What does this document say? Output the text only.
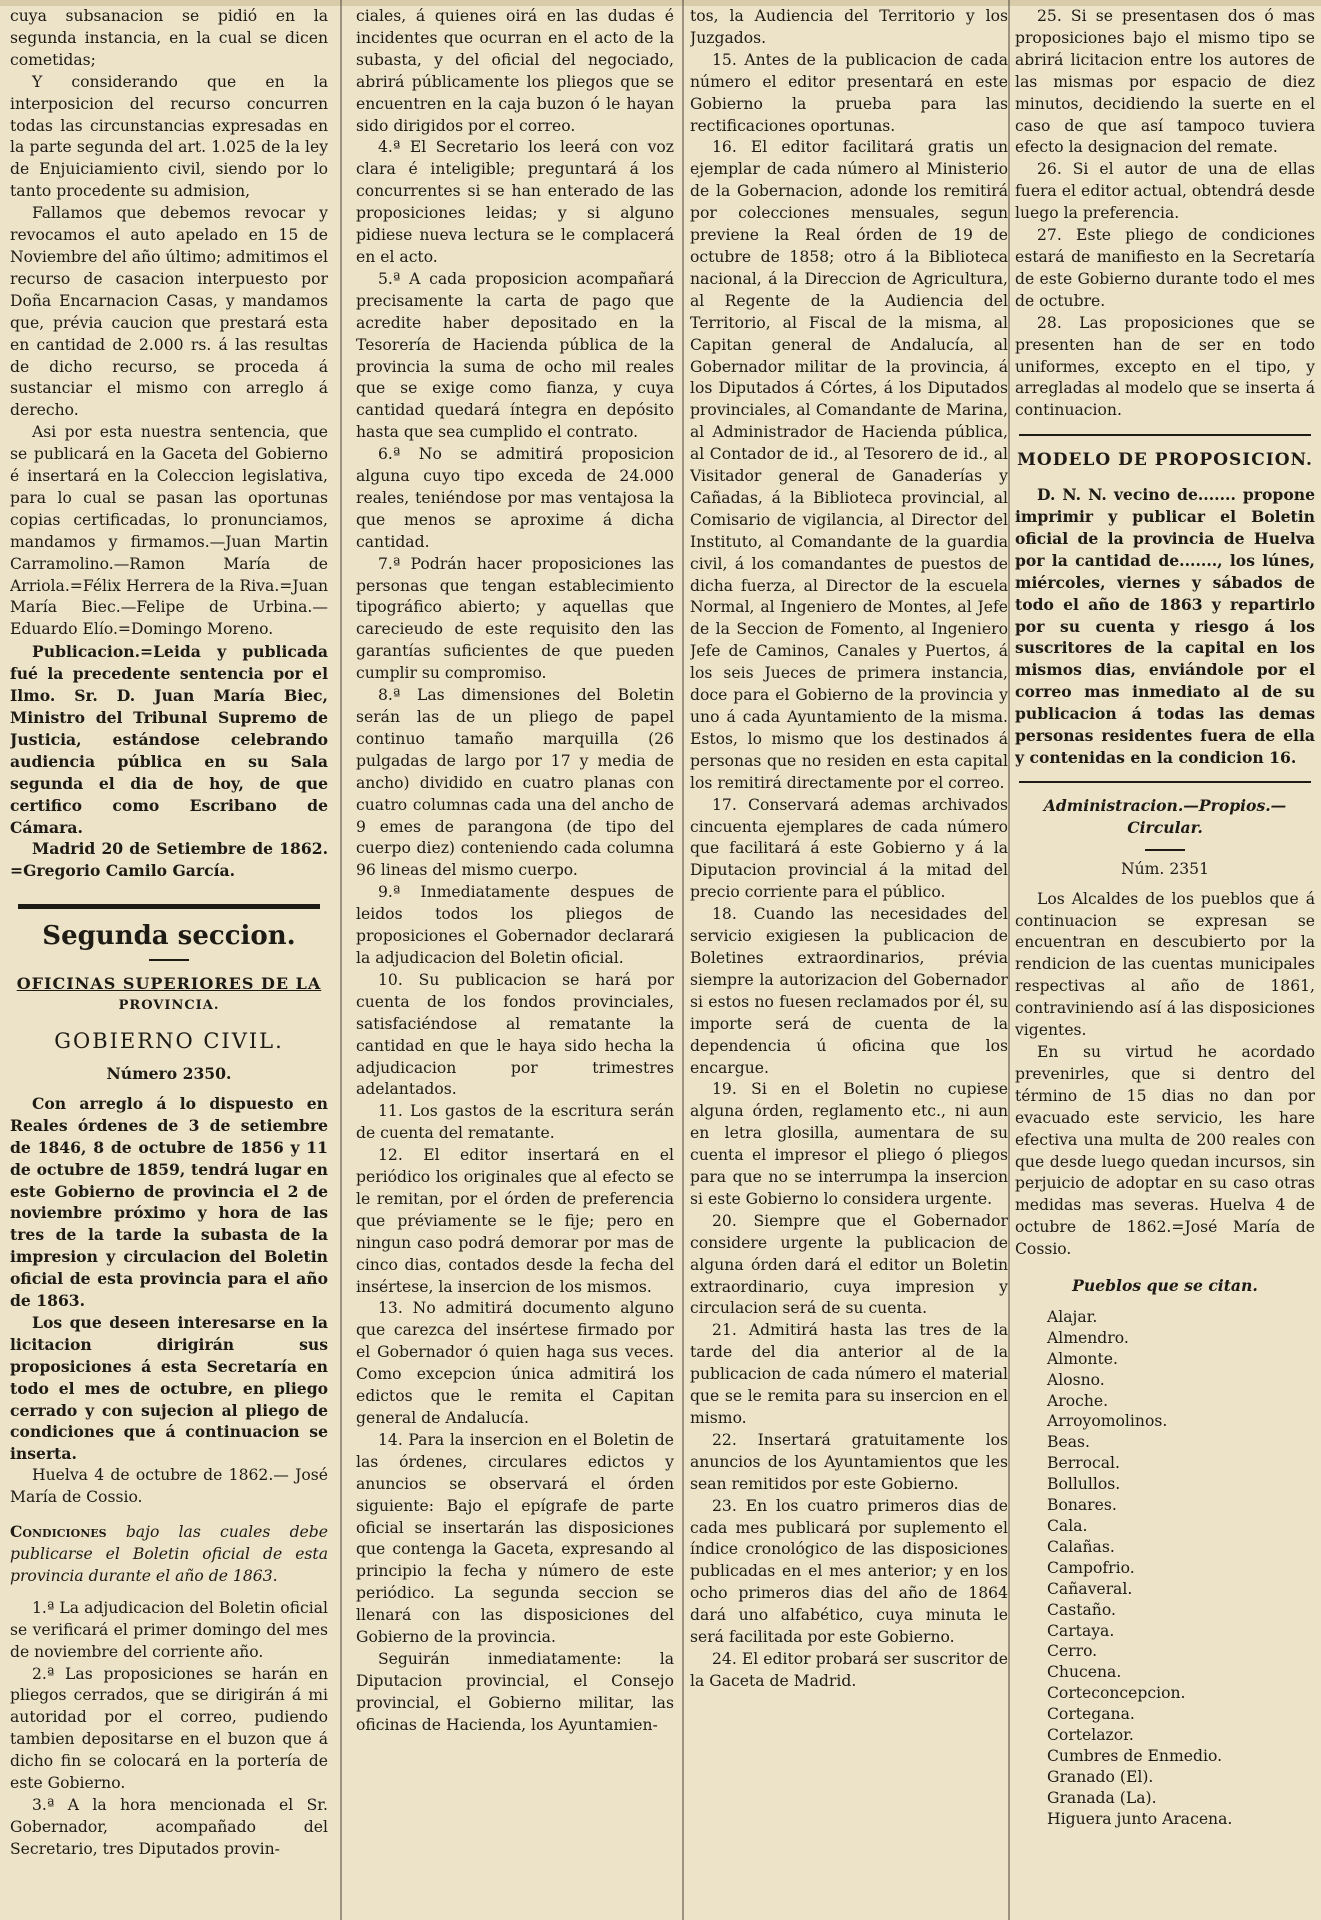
cuya subsanacion se pidió en la segunda instancia, en la cual se dicen cometidas;

Y considerando que en la interposicion del recurso concurren todas las circunstancias expresadas en la parte segunda del art. 1.025 de la ley de Enjuiciamiento civil, siendo por lo tanto procedente su admision,

Fallamos que debemos revocar y revocamos el auto apelado en 15 de Noviembre del año último; admitimos el recurso de casacion interpuesto por Doña Encarnacion Casas, y mandamos que, prévia caucion que prestará esta en cantidad de 2.000 rs. á las resultas de dicho recurso, se proceda á sustanciar el mismo con arreglo á derecho.

Asi por esta nuestra sentencia, que se publicará en la Gaceta del Gobierno é insertará en la Coleccion legislativa, para lo cual se pasan las oportunas copias certificadas, lo pronunciamos, mandamos y firmamos.—Juan Martin Carramolino.—Ramon María de Arriola.=Félix Herrera de la Riva.=Juan María Biec.—Felipe de Urbina.—Eduardo Elío.=Domingo Moreno.

Publicacion.=Leida y publicada fué la precedente sentencia por el Ilmo. Sr. D. Juan María Biec, Ministro del Tribunal Supremo de Justicia, estándose celebrando audiencia pública en su Sala segunda el dia de hoy, de que certifico como Escribano de Cámara.

Madrid 20 de Setiembre de 1862. =Gregorio Camilo García.

Segunda seccion.
OFICINAS SUPERIORES DE LA
PROVINCIA.
GOBIERNO CIVIL.
Número 2350.

Con arreglo á lo dispuesto en Reales órdenes de 3 de setiembre de 1846, 8 de octubre de 1856 y 11 de octubre de 1859, tendrá lugar en este Gobierno de provincia el 2 de noviembre próximo y hora de las tres de la tarde la subasta de la impresion y circulacion del Boletin oficial de esta provincia para el año de 1863.

Los que deseen interesarse en la licitacion dirigirán sus proposiciones á esta Secretaría en todo el mes de octubre, en pliego cerrado y con sujecion al pliego de condiciones que á continuacion se inserta.

Huelva 4 de octubre de 1862.— José María de Cossio.

Condiciones bajo las cuales debe publicarse el Boletin oficial de esta provincia durante el año de 1863.

1.ª La adjudicacion del Boletin oficial se verificará el primer domingo del mes de noviembre del corriente año.

2.ª Las proposiciones se harán en pliegos cerrados, que se dirigirán á mi autoridad por el correo, pudiendo tambien depositarse en el buzon que á dicho fin se colocará en la portería de este Gobierno.

3.ª A la hora mencionada el Sr. Gobernador, acompañado del Secretario, tres Diputados provin-

ciales, á quienes oirá en las dudas é incidentes que ocurran en el acto de la subasta, y del oficial del negociado, abrirá públicamente los pliegos que se encuentren en la caja buzon ó le hayan sido dirigidos por el correo.

4.ª El Secretario los leerá con voz clara é inteligible; preguntará á los concurrentes si se han enterado de las proposiciones leidas; y si alguno pidiese nueva lectura se le complacerá en el acto.

5.ª A cada proposicion acompañará precisamente la carta de pago que acredite haber depositado en la Tesorería de Hacienda pública de la provincia la suma de ocho mil reales que se exige como fianza, y cuya cantidad quedará íntegra en depósito hasta que sea cumplido el contrato.

6.ª No se admitirá proposicion alguna cuyo tipo exceda de 24.000 reales, teniéndose por mas ventajosa la que menos se aproxime á dicha cantidad.

7.ª Podrán hacer proposiciones las personas que tengan establecimiento tipográfico abierto; y aquellas que carecieudo de este requisito den las garantías suficientes de que pueden cumplir su compromiso.

8.ª Las dimensiones del Boletin serán las de un pliego de papel continuo tamaño marquilla (26 pulgadas de largo por 17 y media de ancho) dividido en cuatro planas con cuatro columnas cada una del ancho de 9 emes de parangona (de tipo del cuerpo diez) conteniendo cada columna 96 lineas del mismo cuerpo.

9.ª Inmediatamente despues de leidos todos los pliegos de proposiciones el Gobernador declarará la adjudicacion del Boletin oficial.

10. Su publicacion se hará por cuenta de los fondos provinciales, satisfaciéndose al rematante la cantidad en que le haya sido hecha la adjudicacion por trimestres adelantados.

11. Los gastos de la escritura serán de cuenta del rematante.

12. El editor insertará en el periódico los originales que al efecto se le remitan, por el órden de preferencia que préviamente se le fije; pero en ningun caso podrá demorar por mas de cinco dias, contados desde la fecha del insértese, la insercion de los mismos.

13. No admitirá documento alguno que carezca del insértese firmado por el Gobernador ó quien haga sus veces. Como excepcion única admitirá los edictos que le remita el Capitan general de Andalucía.

14. Para la insercion en el Boletin de las órdenes, circulares edictos y anuncios se observará el órden siguiente: Bajo el epígrafe de parte oficial se insertarán las disposiciones que contenga la Gaceta, expresando al principio la fecha y número de este periódico. La segunda seccion se llenará con las disposiciones del Gobierno de la provincia.

Seguirán inmediatamente: la Diputacion provincial, el Consejo provincial, el Gobierno militar, las oficinas de Hacienda, los Ayuntamien-

tos, la Audiencia del Territorio y los Juzgados.

15. Antes de la publicacion de cada número el editor presentará en este Gobierno la prueba para las rectificaciones oportunas.

16. El editor facilitará gratis un ejemplar de cada número al Ministerio de la Gobernacion, adonde los remitirá por colecciones mensuales, segun previene la Real órden de 19 de octubre de 1858; otro á la Biblioteca nacional, á la Direccion de Agricultura, al Regente de la Audiencia del Territorio, al Fiscal de la misma, al Capitan general de Andalucía, al Gobernador militar de la provincia, á los Diputados á Córtes, á los Diputados provinciales, al Comandante de Marina, al Administrador de Hacienda pública, al Contador de id., al Tesorero de id., al Visitador general de Ganaderías y Cañadas, á la Biblioteca provincial, al Comisario de vigilancia, al Director del Instituto, al Comandante de la guardia civil, á los comandantes de puestos de dicha fuerza, al Director de la escuela Normal, al Ingeniero de Montes, al Jefe de la Seccion de Fomento, al Ingeniero Jefe de Caminos, Canales y Puertos, á los seis Jueces de primera instancia, doce para el Gobierno de la provincia y uno á cada Ayuntamiento de la misma. Estos, lo mismo que los destinados á personas que no residen en esta capital los remitirá directamente por el correo.

17. Conservará ademas archivados cincuenta ejemplares de cada número que facilitará á este Gobierno y á la Diputacion provincial á la mitad del precio corriente para el público.

18. Cuando las necesidades del servicio exigiesen la publicacion de Boletines extraordinarios, prévia siempre la autorizacion del Gobernador si estos no fuesen reclamados por él, su importe será de cuenta de la dependencia ú oficina que los encargue.

19. Si en el Boletin no cupiese alguna órden, reglamento etc., ni aun en letra glosilla, aumentara de su cuenta el impresor el pliego ó pliegos para que no se interrumpa la insercion si este Gobierno lo considera urgente.

20. Siempre que el Gobernador considere urgente la publicacion de alguna órden dará el editor un Boletin extraordinario, cuya impresion y circulacion será de su cuenta.

21. Admitirá hasta las tres de la tarde del dia anterior al de la publicacion de cada número el material que se le remita para su insercion en el mismo.

22. Insertará gratuitamente los anuncios de los Ayuntamientos que les sean remitidos por este Gobierno.

23. En los cuatro primeros dias de cada mes publicará por suplemento el índice cronológico de las disposiciones publicadas en el mes anterior; y en los ocho primeros dias del año de 1864 dará uno alfabético, cuya minuta le será facilitada por este Gobierno.

24. El editor probará ser suscritor de la Gaceta de Madrid.

25. Si se presentasen dos ó mas proposiciones bajo el mismo tipo se abrirá licitacion entre los autores de las mismas por espacio de diez minutos, decidiendo la suerte en el caso de que así tampoco tuviera efecto la designacion del remate.

26. Si el autor de una de ellas fuera el editor actual, obtendrá desde luego la preferencia.

27. Este pliego de condiciones estará de manifiesto en la Secretaría de este Gobierno durante todo el mes de octubre.

28. Las proposiciones que se presenten han de ser en todo uniformes, excepto en el tipo, y arregladas al modelo que se inserta á continuacion.

MODELO DE PROPOSICION.

D. N. N. vecino de....... propone imprimir y publicar el Boletin oficial de la provincia de Huelva por la cantidad de......., los lúnes, miércoles, viernes y sábados de todo el año de 1863 y repartirlo por su cuenta y riesgo á los suscritores de la capital en los mismos dias, enviándole por el correo mas inmediato al de su publicacion á todas las demas personas residentes fuera de ella y contenidas en la condicion 16.

Administracion.—Propios.—Circular.
Núm. 2351

Los Alcaldes de los pueblos que á continuacion se expresan se encuentran en descubierto por la rendicion de las cuentas municipales respectivas al año de 1861, contraviniendo así á las disposiciones vigentes.

En su virtud he acordado prevenirles, que si dentro del término de 15 dias no dan por evacuado este servicio, les hare efectiva una multa de 200 reales con que desde luego quedan incursos, sin perjuicio de adoptar en su caso otras medidas mas severas. Huelva 4 de octubre de 1862.=José María de Cossio.

Pueblos que se citan.
Alajar.
Almendro.
Almonte.
Alosno.
Aroche.
Arroyomolinos.
Beas.
Berrocal.
Bollullos.
Bonares.
Cala.
Calañas.
Campofrio.
Cañaveral.
Castaño.
Cartaya.
Cerro.
Chucena.
Corteconcepcion.
Cortegana.
Cortelazor.
Cumbres de Enmedio.
Granado (El).
Granada (La).
Higuera junto Aracena.
